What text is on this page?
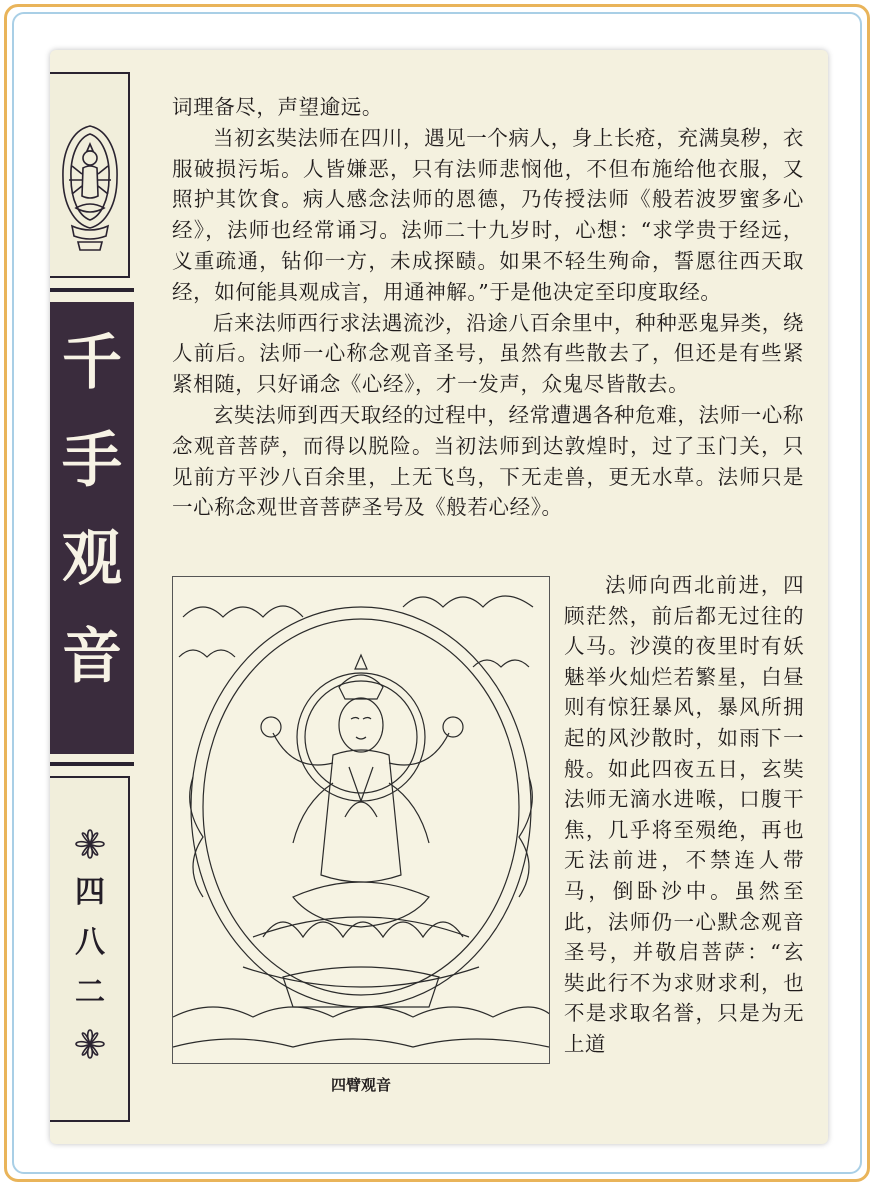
千
手
观
音
四
八
二

词理备尽，声望逾远。

当初玄奘法师在四川，遇见一个病人，身上长疮，充满臭秽，衣服破损污垢。人皆嫌恶，只有法师悲悯他，不但布施给他衣服，又照护其饮食。病人感念法师的恩德，乃传授法师《般若波罗蜜多心经》，法师也经常诵习。法师二十九岁时，心想：“求学贵于经远，义重疏通，钻仰一方，未成探赜。如果不轻生殉命，誓愿往西天取经，如何能具观成言，用通神解。”于是他决定至印度取经。

后来法师西行求法遇流沙，沿途八百余里中，种种恶鬼异类，绕人前后。法师一心称念观音圣号，虽然有些散去了，但还是有些紧紧相随，只好诵念《心经》，才一发声，众鬼尽皆散去。

玄奘法师到西天取经的过程中，经常遭遇各种危难，法师一心称念观音菩萨，而得以脱险。当初法师到达敦煌时，过了玉门关，只见前方平沙八百余里，上无飞鸟，下无走兽，更无水草。法师只是一心称念观世音菩萨圣号及《般若心经》。

四臂观音

法师向西北前进，四顾茫然，前后都无过往的人马。沙漠的夜里时有妖魅举火灿烂若繁星，白昼则有惊狂暴风，暴风所拥起的风沙散时，如雨下一般。如此四夜五日，玄奘法师无滴水进喉，口腹干焦，几乎将至殒绝，再也无法前进，不禁连人带马，倒卧沙中。虽然至此，法师仍一心默念观音圣号，并敬启菩萨：“玄奘此行不为求财求利，也不是求取名誉，只是为无上道
